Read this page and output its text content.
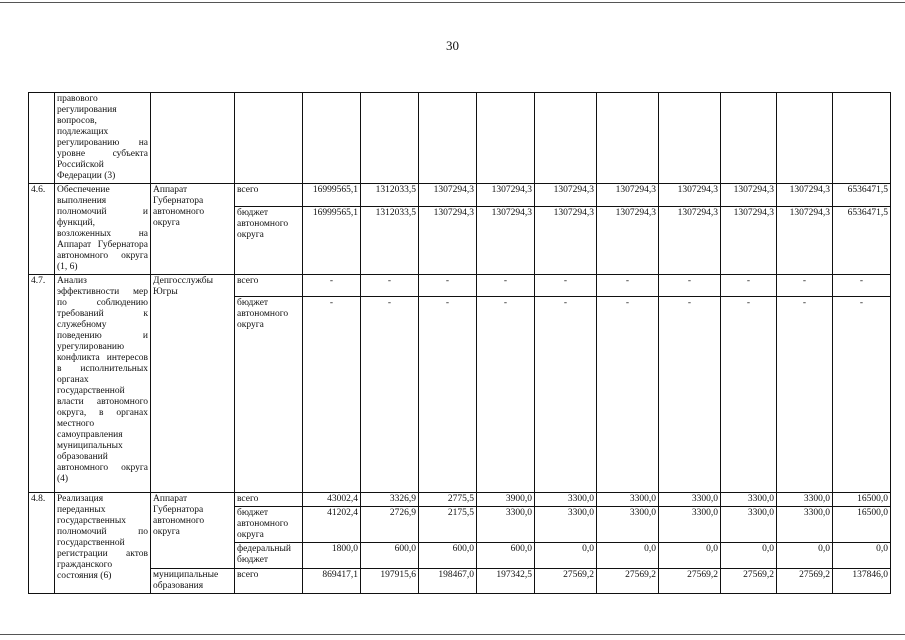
30
	правового регулирования вопросов, подлежащих регулированию на уровне субъекта Российской Федерации (3)												
4.6.	Обеспечение выполнения полномочий и функций, возложенных на Аппарат Губернатора автономного округа (1, 6)	Аппарат Губернатора автономного округа	всего	16999565,1	1312033,5	1307294,3	1307294,3	1307294,3	1307294,3	1307294,3	1307294,3	1307294,3	6536471,5
			бюджет автономного округа	16999565,1	1312033,5	1307294,3	1307294,3	1307294,3	1307294,3	1307294,3	1307294,3	1307294,3	6536471,5
4.7.	Анализ эффективности мер по соблюдению требований к служебному поведению и урегулированию конфликта интересов в исполнительных органах государственной власти автономного округа, в органах местного самоуправления муниципальных образований автономного округа (4)	Депгосслужбы Югры	всего	-	-	-	-	-	-	-	-	-	-
			бюджет автономного округа	-	-	-	-	-	-	-	-	-	-
4.8.	Реализация переданных государственных полномочий по государственной регистрации актов гражданского состояния (6)	Аппарат Губернатора автономного округа	всего	43002,4	3326,9	2775,5	3900,0	3300,0	3300,0	3300,0	3300,0	3300,0	16500,0
			бюджет автономного округа	41202,4	2726,9	2175,5	3300,0	3300,0	3300,0	3300,0	3300,0	3300,0	16500,0
			федеральный бюджет	1800,0	600,0	600,0	600,0	0,0	0,0	0,0	0,0	0,0	0,0
		муниципальные образования	всего	869417,1	197915,6	198467,0	197342,5	27569,2	27569,2	27569,2	27569,2	27569,2	137846,0
